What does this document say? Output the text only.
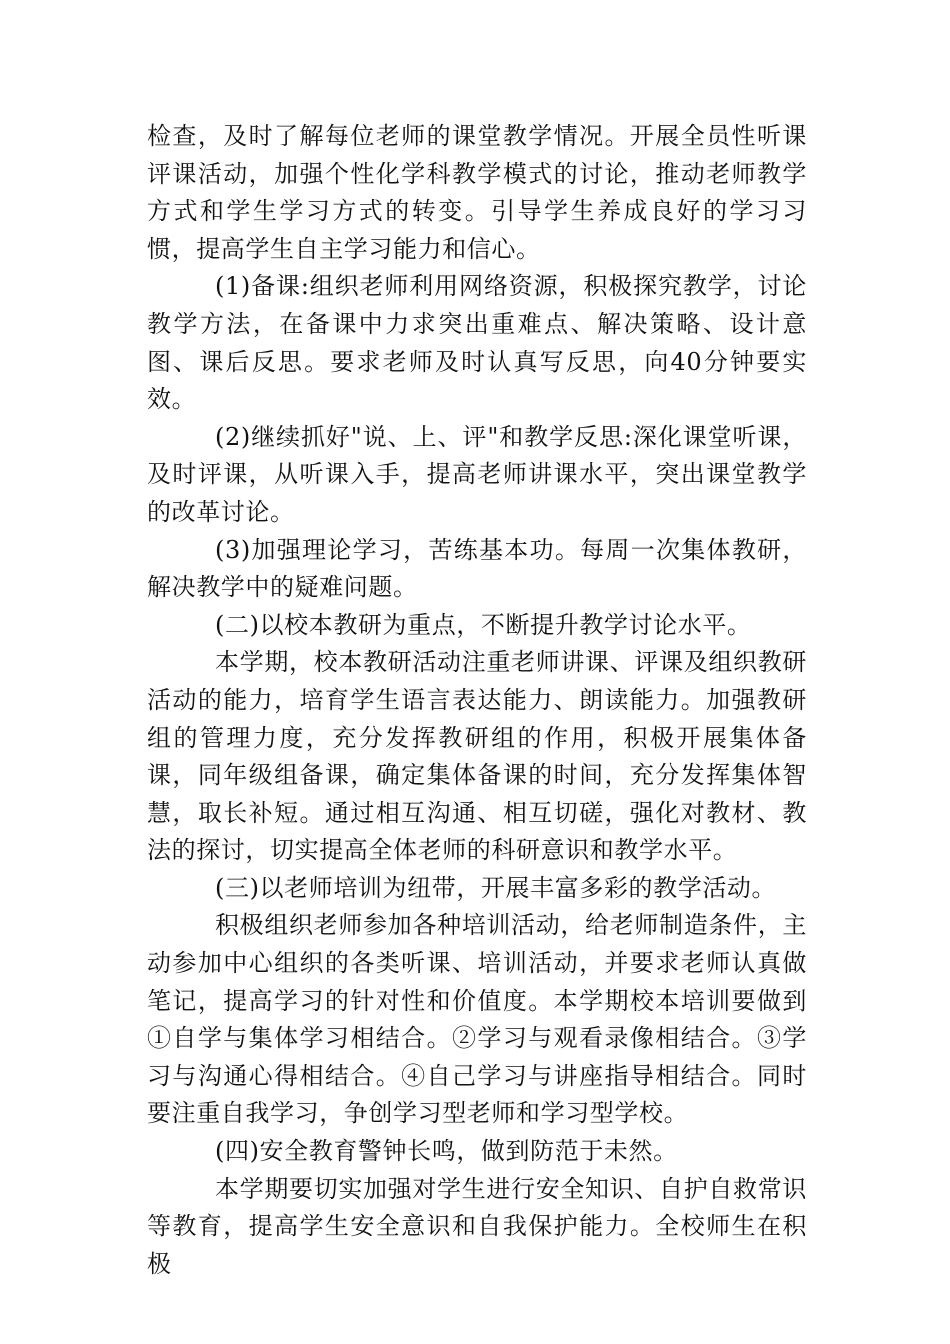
检查，及时了解每位老师的课堂教学情况。开展全员性听课评课活动，加强个性化学科教学模式的讨论，推动老师教学方式和学生学习方式的转变。引导学生养成良好的学习习惯，提高学生自主学习能力和信心。

(1)备课:组织老师利用网络资源，积极探究教学，讨论教学方法，在备课中力求突出重难点、解决策略、设计意图、课后反思。要求老师及时认真写反思，向40分钟要实效。

(2)继续抓好"说、上、评"和教学反思:深化课堂听课，及时评课，从听课入手，提高老师讲课水平，突出课堂教学的改革讨论。

(3)加强理论学习，苦练基本功。每周一次集体教研，解决教学中的疑难问题。

(二)以校本教研为重点，不断提升教学讨论水平。

本学期，校本教研活动注重老师讲课、评课及组织教研活动的能力，培育学生语言表达能力、朗读能力。加强教研组的管理力度，充分发挥教研组的作用，积极开展集体备课，同年级组备课，确定集体备课的时间，充分发挥集体智慧，取长补短。通过相互沟通、相互切磋，强化对教材、教法的探讨，切实提高全体老师的科研意识和教学水平。

(三)以老师培训为纽带，开展丰富多彩的教学活动。

积极组织老师参加各种培训活动，给老师制造条件，主动参加中心组织的各类听课、培训活动，并要求老师认真做笔记，提高学习的针对性和价值度。本学期校本培训要做到①自学与集体学习相结合。②学习与观看录像相结合。③学习与沟通心得相结合。④自己学习与讲座指导相结合。同时要注重自我学习，争创学习型老师和学习型学校。

(四)安全教育警钟长鸣，做到防范于未然。

本学期要切实加强对学生进行安全知识、自护自救常识等教育，提高学生安全意识和自我保护能力。全校师生在积极
